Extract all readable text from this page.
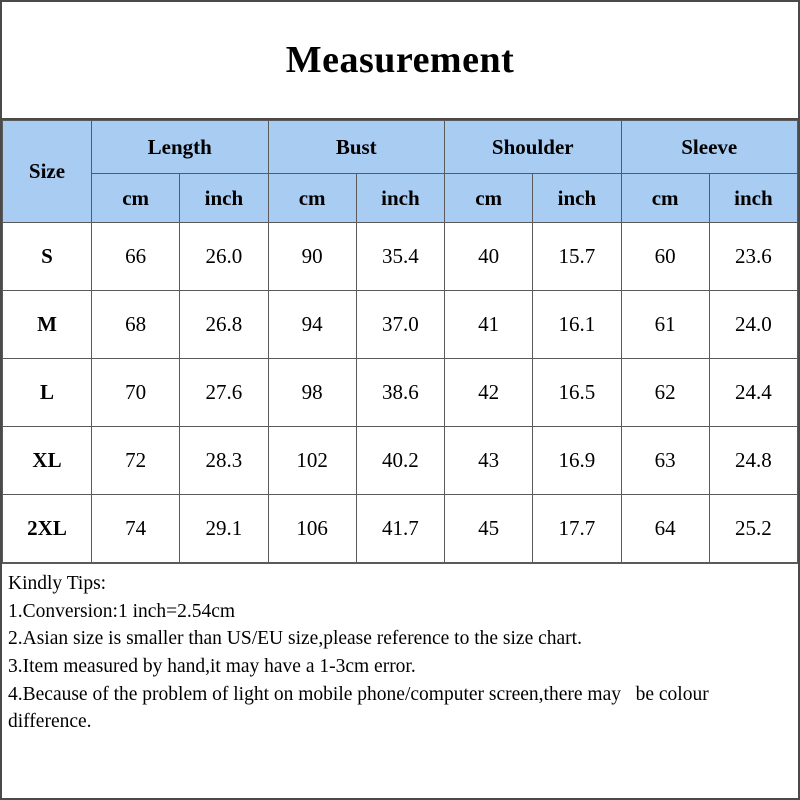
Measurement
Size	Length		Bust		Shoulder		Sleeve	
	cm	inch	cm	inch	cm	inch	cm	inch
S	66	26.0	90	35.4	40	15.7	60	23.6
M	68	26.8	94	37.0	41	16.1	61	24.0
L	70	27.6	98	38.6	42	16.5	62	24.4
XL	72	28.3	102	40.2	43	16.9	63	24.8
2XL	74	29.1	106	41.7	45	17.7	64	25.2
Kindly Tips:
1.Conversion:1 inch=2.54cm
2.Asian size is smaller than US/EU size,please reference to the size chart.
3.Item measured by hand,it may have a 1-3cm error.
4.Because of the problem of light on mobile phone/computer screen,there may   be colour difference.
